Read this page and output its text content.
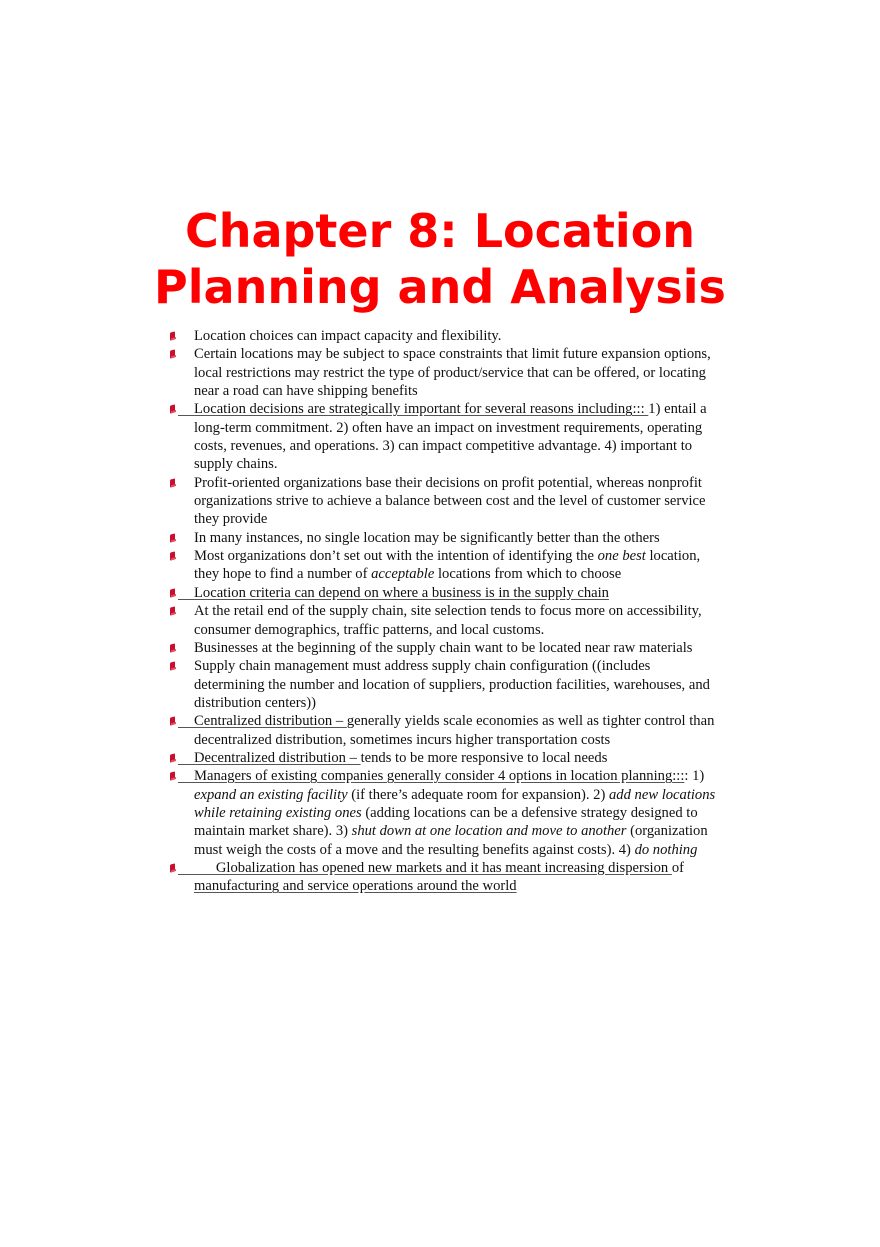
Chapter 8: Location
Planning and Analysis
Location choices can impact capacity and flexibility.
Certain locations may be subject to space constraints that limit future expansion options,
local restrictions may restrict the type of product/service that can be offered, or locating
near a road can have shipping benefits
Location decisions are strategically important for several reasons including::: 1) entail a
long-term commitment. 2) often have an impact on investment requirements, operating
costs, revenues, and operations. 3) can impact competitive advantage. 4) important to
supply chains.
Profit-oriented organizations base their decisions on profit potential, whereas nonprofit
organizations strive to achieve a balance between cost and the level of customer service
they provide
In many instances, no single location may be significantly better than the others
Most organizations don’t set out with the intention of identifying the one best location,
they hope to find a number of acceptable locations from which to choose
Location criteria can depend on where a business is in the supply chain
At the retail end of the supply chain, site selection tends to focus more on accessibility,
consumer demographics, traffic patterns, and local customs.
Businesses at the beginning of the supply chain want to be located near raw materials
Supply chain management must address supply chain configuration ((includes
determining the number and location of suppliers, production facilities, warehouses, and
distribution centers))
Centralized distribution – generally yields scale economies as well as tighter control than
decentralized distribution, sometimes incurs higher transportation costs
Decentralized distribution – tends to be more responsive to local needs
Managers of existing companies generally consider 4 options in location planning:::: 1)
expand an existing facility (if there’s adequate room for expansion). 2) add new locations
while retaining existing ones (adding locations can be a defensive strategy designed to
maintain market share). 3) shut down at one location and move to another (organization
must weigh the costs of a move and the resulting benefits against costs). 4) do nothing
Globalization has opened new markets and it has meant increasing dispersion of
manufacturing and service operations around the world
